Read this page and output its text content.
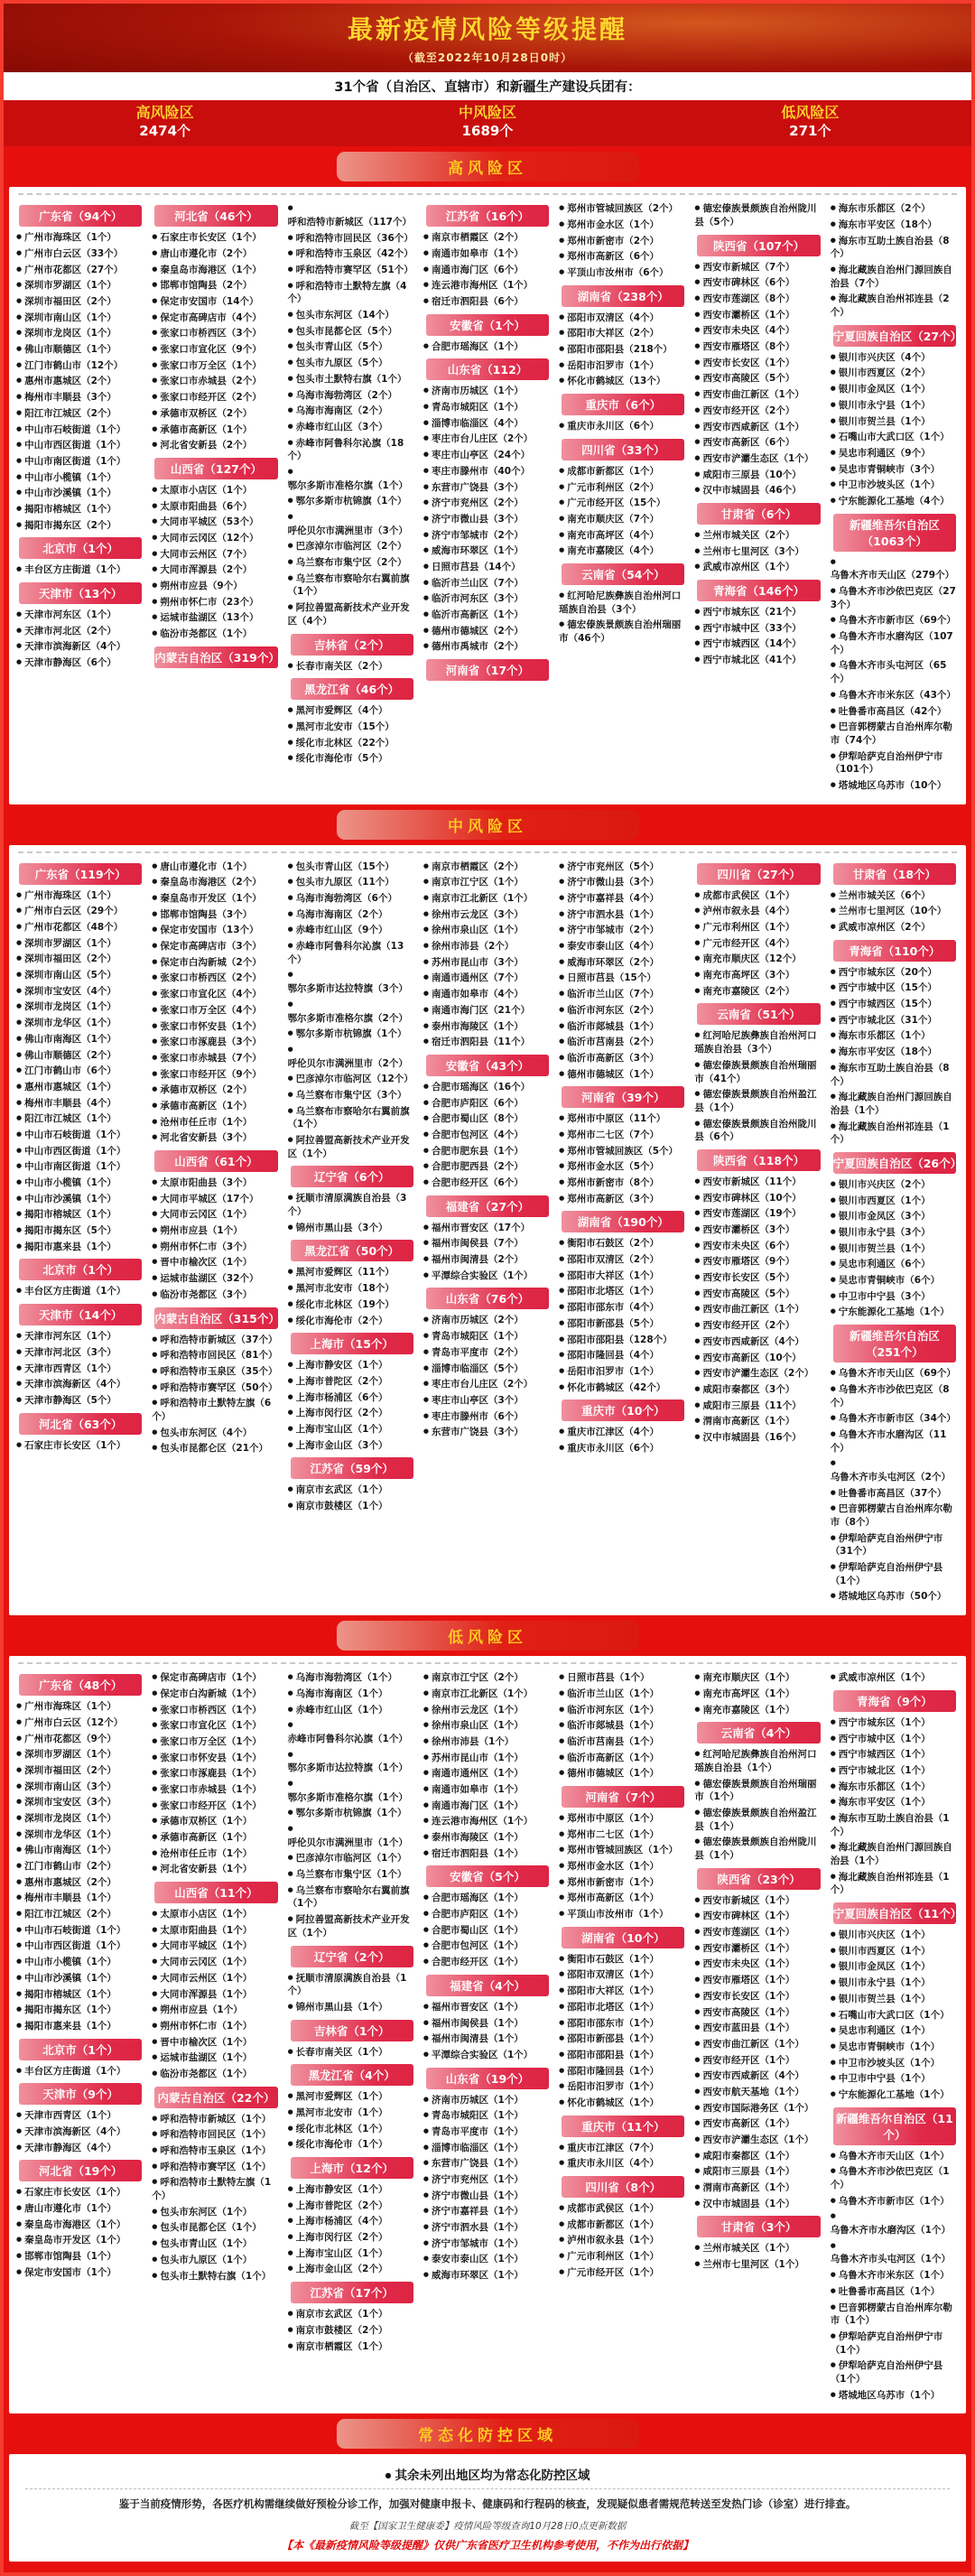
最新疫情风险等级提醒
（截至2022年10月28日0时）
31个省（自治区、直辖市）和新疆生产建设兵团有：
高风险区
2474个
中风险区
1689个
低风险区
271个
高风险区
广东省（94个）
● 广州市海珠区（1个）
● 广州市白云区（33个）
● 广州市花都区（27个）
● 深圳市罗湖区（1个）
● 深圳市福田区（2个）
● 深圳市南山区（1个）
● 深圳市龙岗区（1个）
● 佛山市顺德区（1个）
● 江门市鹤山市（12个）
● 惠州市惠城区（2个）
● 梅州市丰顺县（3个）
● 阳江市江城区（2个）
● 中山市石岐街道（1个）
● 中山市西区街道（1个）
● 中山市南区街道（1个）
● 中山市小榄镇（1个）
● 中山市沙溪镇（1个）
● 揭阳市榕城区（1个）
● 揭阳市揭东区（2个）
北京市（1个）
● 丰台区方庄街道（1个）
天津市（13个）
● 天津市河东区（1个）
● 天津市河北区（2个）
● 天津市滨海新区（4个）
● 天津市静海区（6个）
河北省（46个）
● 石家庄市长安区（1个）
● 唐山市遵化市（2个）
● 秦皇岛市海港区（1个）
● 邯郸市馆陶县（2个）
● 保定市安国市（14个）
● 保定市高碑店市（4个）
● 张家口市桥西区（3个）
● 张家口市宣化区（9个）
● 张家口市万全区（1个）
● 张家口市赤城县（2个）
● 张家口市经开区（2个）
● 承德市双桥区（2个）
● 承德市高新区（1个）
● 河北省安新县（2个）
山西省（127个）
● 太原市小店区（1个）
● 太原市阳曲县（6个）
● 大同市平城区（53个）
● 大同市云冈区（12个）
● 大同市云州区（7个）
● 大同市浑源县（2个）
● 朔州市应县（9个）
● 朔州市怀仁市（23个）
● 运城市盐湖区（13个）
● 临汾市尧都区（1个）
内蒙古自治区（319个）
●呼和浩特市新城区（117个）
● 呼和浩特市回民区（36个）
● 呼和浩特市玉泉区（42个）
● 呼和浩特市赛罕区（51个）
● 呼和浩特市土默特左旗（4个）
● 包头市东河区（14个）
● 包头市昆都仑区（5个）
● 包头市青山区（5个）
● 包头市九原区（5个）
● 包头市土默特右旗（1个）
● 乌海市海勃湾区（2个）
● 乌海市海南区（2个）
● 赤峰市红山区（3个）
● 赤峰市阿鲁科尔沁旗（18个）
●鄂尔多斯市准格尔旗（1个）
● 鄂尔多斯市杭锦旗（1个）
●呼伦贝尔市满洲里市（3个）
● 巴彦淖尔市临河区（2个）
● 乌兰察布市集宁区（2个）
● 乌兰察布市察哈尔右翼前旗（1个）
● 阿拉善盟高新技术产业开发区（4个）
吉林省（2个）
● 长春市南关区（2个）
黑龙江省（46个）
● 黑河市爱辉区（4个）
● 黑河市北安市（15个）
● 绥化市北林区（22个）
● 绥化市海伦市（5个）
江苏省（16个）
● 南京市栖霞区（2个）
● 南通市如皋市（1个）
● 南通市海门区（6个）
● 连云港市海州区（1个）
● 宿迁市泗阳县（6个）
安徽省（1个）
● 合肥市瑶海区（1个）
山东省（112）
● 济南市历城区（1个）
● 青岛市城阳区（1个）
● 淄博市临淄区（4个）
● 枣庄市台儿庄区（2个）
● 枣庄市山亭区（24个）
● 枣庄市滕州市（40个）
● 东营市广饶县（3个）
● 济宁市兖州区（2个）
● 济宁市微山县（3个）
● 济宁市邹城市（2个）
● 威海市环翠区（1个）
● 日照市莒县（14个）
● 临沂市兰山区（7个）
● 临沂市河东区（3个）
● 临沂市高新区（1个）
● 德州市德城区（2个）
● 德州市禹城市（2个）
河南省（17个）
● 郑州市管城回族区（2个）
● 郑州市金水区（1个）
● 郑州市新密市（2个）
● 郑州市高新区（6个）
● 平顶山市汝州市（6个）
湖南省（238个）
● 邵阳市双清区（4个）
● 邵阳市大祥区（2个）
● 邵阳市邵阳县（218个）
● 岳阳市汨罗市（1个）
● 怀化市鹤城区（13个）
重庆市（6个）
● 重庆市永川区（6个）
四川省（33个）
● 成都市新都区（1个）
● 广元市利州区（2个）
● 广元市经开区（15个）
● 南充市顺庆区（7个）
● 南充市高坪区（4个）
● 南充市嘉陵区（4个）
云南省（54个）
● 红河哈尼族彝族自治州河口瑶族自治县（3个）
● 德宏傣族景颇族自治州瑞丽市（46个）
● 德宏傣族景颇族自治州陇川县（5个）
陕西省（107个）
● 西安市新城区（7个）
● 西安市碑林区（6个）
● 西安市莲湖区（8个）
● 西安市灞桥区（1个）
● 西安市未央区（4个）
● 西安市雁塔区（8个）
● 西安市长安区（1个）
● 西安市高陵区（5个）
● 西安市曲江新区（1个）
● 西安市经开区（2个）
● 西安市西咸新区（1个）
● 西安市高新区（6个）
● 西安市浐灞生态区（1个）
● 咸阳市三原县（10个）
● 汉中市城固县（46个）
甘肃省（6个）
● 兰州市城关区（2个）
● 兰州市七里河区（3个）
● 武威市凉州区（1个）
青海省（146个）
● 西宁市城东区（21个）
● 西宁市城中区（33个）
● 西宁市城西区（14个）
● 西宁市城北区（41个）
● 海东市乐都区（2个）
● 海东市平安区（18个）
● 海东市互助土族自治县（8个）
● 海北藏族自治州门源回族自治县（7个）
● 海北藏族自治州祁连县（2个）
宁夏回族自治区（27个）
● 银川市兴庆区（4个）
● 银川市西夏区（2个）
● 银川市金凤区（1个）
● 银川市永宁县（1个）
● 银川市贺兰县（1个）
● 石嘴山市大武口区（1个）
● 吴忠市利通区（9个）
● 吴忠市青铜峡市（3个）
● 中卫市沙坡头区（1个）
● 宁东能源化工基地（4个）
新疆维吾尔自治区（1063个）
●乌鲁木齐市天山区（279个）
● 乌鲁木齐市沙依巴克区（273个）
● 乌鲁木齐市新市区（69个）
● 乌鲁木齐市水磨沟区（107个）
● 乌鲁木齐市头屯河区（65个）
● 乌鲁木齐市米东区（43个）
● 吐鲁番市高昌区（42个）
● 巴音郭楞蒙古自治州库尔勒市（74个）
● 伊犁哈萨克自治州伊宁市（101个）
● 塔城地区乌苏市（10个）
中风险区
广东省（119个）
● 广州市海珠区（1个）
● 广州市白云区（29个）
● 广州市花都区（48个）
● 深圳市罗湖区（1个）
● 深圳市福田区（2个）
● 深圳市南山区（5个）
● 深圳市宝安区（4个）
● 深圳市龙岗区（1个）
● 深圳市龙华区（1个）
● 佛山市南海区（1个）
● 佛山市顺德区（2个）
● 江门市鹤山市（6个）
● 惠州市惠城区（1个）
● 梅州市丰顺县（4个）
● 阳江市江城区（1个）
● 中山市石岐街道（1个）
● 中山市西区街道（1个）
● 中山市南区街道（1个）
● 中山市小榄镇（1个）
● 中山市沙溪镇（1个）
● 揭阳市榕城区（1个）
● 揭阳市揭东区（5个）
● 揭阳市惠来县（1个）
北京市（1个）
● 丰台区方庄街道（1个）
天津市（14个）
● 天津市河东区（1个）
● 天津市河北区（3个）
● 天津市西青区（1个）
● 天津市滨海新区（4个）
● 天津市静海区（5个）
河北省（63个）
● 石家庄市长安区（1个）
● 唐山市遵化市（1个）
● 秦皇岛市海港区（2个）
● 秦皇岛市开发区（1个）
● 邯郸市馆陶县（3个）
● 保定市安国市（13个）
● 保定市高碑店市（3个）
● 保定市白沟新城（2个）
● 张家口市桥西区（2个）
● 张家口市宣化区（4个）
● 张家口市万全区（4个）
● 张家口市怀安县（1个）
● 张家口市涿鹿县（3个）
● 张家口市赤城县（7个）
● 张家口市经开区（9个）
● 承德市双桥区（2个）
● 承德市高新区（1个）
● 沧州市任丘市（1个）
● 河北省安新县（3个）
山西省（61个）
● 太原市阳曲县（3个）
● 大同市平城区（17个）
● 大同市云冈区（1个）
● 朔州市应县（1个）
● 朔州市怀仁市（3个）
● 晋中市榆次区（1个）
● 运城市盐湖区（32个）
● 临汾市尧都区（3个）
内蒙古自治区（315个）
● 呼和浩特市新城区（37个）
● 呼和浩特市回民区（81个）
● 呼和浩特市玉泉区（35个）
● 呼和浩特市赛罕区（50个）
● 呼和浩特市土默特左旗（6个）
● 包头市东河区（4个）
● 包头市昆都仑区（21个）
● 包头市青山区（15个）
● 包头市九原区（11个）
● 乌海市海勃湾区（6个）
● 乌海市海南区（2个）
● 赤峰市红山区（9个）
● 赤峰市阿鲁科尔沁旗（13个）
●鄂尔多斯市达拉特旗（3个）
●鄂尔多斯市准格尔旗（2个）
● 鄂尔多斯市杭锦旗（1个）
●呼伦贝尔市满洲里市（2个）
● 巴彦淖尔市临河区（12个）
● 乌兰察布市集宁区（3个）
● 乌兰察布市察哈尔右翼前旗（1个）
● 阿拉善盟高新技术产业开发区（1个）
辽宁省（6个）
● 抚顺市清原满族自治县（3个）
● 锦州市黑山县（3个）
黑龙江省（50个）
● 黑河市爱辉区（11个）
● 黑河市北安市（18个）
● 绥化市北林区（19个）
● 绥化市海伦市（2个）
上海市（15个）
● 上海市静安区（1个）
● 上海市普陀区（2个）
● 上海市杨浦区（6个）
● 上海市闵行区（2个）
● 上海市宝山区（1个）
● 上海市金山区（3个）
江苏省（59个）
● 南京市玄武区（1个）
● 南京市鼓楼区（1个）
● 南京市栖霞区（2个）
● 南京市江宁区（1个）
● 南京市江北新区（1个）
● 徐州市云龙区（3个）
● 徐州市泉山区（1个）
● 徐州市沛县（2个）
● 苏州市昆山市（3个）
● 南通市通州区（7个）
● 南通市如皋市（4个）
● 南通市海门区（21个）
● 泰州市海陵区（1个）
● 宿迁市泗阳县（11个）
安徽省（43个）
● 合肥市瑶海区（16个）
● 合肥市庐阳区（6个）
● 合肥市蜀山区（8个）
● 合肥市包河区（4个）
● 合肥市肥东县（1个）
● 合肥市肥西县（2个）
● 合肥市经开区（6个）
福建省（27个）
● 福州市晋安区（17个）
● 福州市闽侯县（7个）
● 福州市闽清县（2个）
● 平潭综合实验区（1个）
山东省（76个）
● 济南市历城区（2个）
● 青岛市城阳区（1个）
● 青岛市平度市（2个）
● 淄博市临淄区（5个）
● 枣庄市台儿庄区（2个）
● 枣庄市山亭区（3个）
● 枣庄市滕州市（6个）
● 东营市广饶县（3个）
● 济宁市兖州区（5个）
● 济宁市微山县（3个）
● 济宁市嘉祥县（4个）
● 济宁市泗水县（1个）
● 济宁市邹城市（2个）
● 泰安市泰山区（4个）
● 威海市环翠区（2个）
● 日照市莒县（15个）
● 临沂市兰山区（7个）
● 临沂市河东区（2个）
● 临沂市郯城县（1个）
● 临沂市莒南县（2个）
● 临沂市高新区（3个）
● 德州市德城区（1个）
河南省（39个）
● 郑州市中原区（11个）
● 郑州市二七区（7个）
● 郑州市管城回族区（5个）
● 郑州市金水区（5个）
● 郑州市新密市（8个）
● 郑州市高新区（3个）
湖南省（190个）
● 衡阳市石鼓区（2个）
● 邵阳市双清区（2个）
● 邵阳市大祥区（1个）
● 邵阳市北塔区（1个）
● 邵阳市邵东市（4个）
● 邵阳市新邵县（5个）
● 邵阳市邵阳县（128个）
● 邵阳市隆回县（4个）
● 岳阳市汨罗市（1个）
● 怀化市鹤城区（42个）
重庆市（10个）
● 重庆市江津区（4个）
● 重庆市永川区（6个）
四川省（27个）
● 成都市武侯区（1个）
● 泸州市叙永县（4个）
● 广元市利州区（1个）
● 广元市经开区（4个）
● 南充市顺庆区（12个）
● 南充市高坪区（3个）
● 南充市嘉陵区（2个）
云南省（51个）
● 红河哈尼族彝族自治州河口瑶族自治县（3个）
● 德宏傣族景颇族自治州瑞丽市（41个）
● 德宏傣族景颇族自治州盈江县（1个）
● 德宏傣族景颇族自治州陇川县（6个）
陕西省（118个）
● 西安市新城区（11个）
● 西安市碑林区（10个）
● 西安市莲湖区（19个）
● 西安市灞桥区（3个）
● 西安市未央区（6个）
● 西安市雁塔区（9个）
● 西安市长安区（5个）
● 西安市高陵区（5个）
● 西安市曲江新区（1个）
● 西安市经开区（2个）
● 西安市西咸新区（4个）
● 西安市高新区（10个）
● 西安市浐灞生态区（2个）
● 咸阳市秦都区（3个）
● 咸阳市三原县（11个）
● 渭南市高新区（1个）
● 汉中市城固县（16个）
甘肃省（18个）
● 兰州市城关区（6个）
● 兰州市七里河区（10个）
● 武威市凉州区（2个）
青海省（110个）
● 西宁市城东区（20个）
● 西宁市城中区（15个）
● 西宁市城西区（15个）
● 西宁市城北区（31个）
● 海东市乐都区（1个）
● 海东市平安区（18个）
● 海东市互助土族自治县（8个）
● 海北藏族自治州门源回族自治县（1个）
● 海北藏族自治州祁连县（1个）
宁夏回族自治区（26个）
● 银川市兴庆区（2个）
● 银川市西夏区（1个）
● 银川市金凤区（3个）
● 银川市永宁县（3个）
● 银川市贺兰县（1个）
● 吴忠市利通区（6个）
● 吴忠市青铜峡市（6个）
● 中卫市中宁县（3个）
● 宁东能源化工基地（1个）
新疆维吾尔自治区（251个）
● 乌鲁木齐市天山区（69个）
● 乌鲁木齐市沙依巴克区（8个）
● 乌鲁木齐市新市区（34个）
● 乌鲁木齐市水磨沟区（11个）
●乌鲁木齐市头屯河区（2个）
● 吐鲁番市高昌区（37个）
● 巴音郭楞蒙古自治州库尔勒市（8个）
● 伊犁哈萨克自治州伊宁市（31个）
● 伊犁哈萨克自治州伊宁县（1个）
● 塔城地区乌苏市（50个）
低风险区
广东省（48个）
● 广州市海珠区（1个）
● 广州市白云区（12个）
● 广州市花都区（9个）
● 深圳市罗湖区（1个）
● 深圳市福田区（2个）
● 深圳市南山区（3个）
● 深圳市宝安区（3个）
● 深圳市龙岗区（1个）
● 深圳市龙华区（1个）
● 佛山市南海区（1个）
● 江门市鹤山市（2个）
● 惠州市惠城区（2个）
● 梅州市丰顺县（1个）
● 阳江市江城区（2个）
● 中山市石岐街道（1个）
● 中山市西区街道（1个）
● 中山市小榄镇（1个）
● 中山市沙溪镇（1个）
● 揭阳市榕城区（1个）
● 揭阳市揭东区（1个）
● 揭阳市惠来县（1个）
北京市（1个）
● 丰台区方庄街道（1个）
天津市（9个）
● 天津市西青区（1个）
● 天津市滨海新区（4个）
● 天津市静海区（4个）
河北省（19个）
● 石家庄市长安区（1个）
● 唐山市遵化市（1个）
● 秦皇岛市海港区（1个）
● 秦皇岛市开发区（1个）
● 邯郸市馆陶县（1个）
● 保定市安国市（1个）
● 保定市高碑店市（1个）
● 保定市白沟新城（1个）
● 张家口市桥西区（1个）
● 张家口市宣化区（1个）
● 张家口市万全区（1个）
● 张家口市怀安县（1个）
● 张家口市涿鹿县（1个）
● 张家口市赤城县（1个）
● 张家口市经开区（1个）
● 承德市双桥区（1个）
● 承德市高新区（1个）
● 沧州市任丘市（1个）
● 河北省安新县（1个）
山西省（11个）
● 太原市小店区（1个）
● 太原市阳曲县（1个）
● 大同市平城区（1个）
● 大同市云冈区（1个）
● 大同市云州区（1个）
● 大同市浑源县（1个）
● 朔州市应县（1个）
● 朔州市怀仁市（1个）
● 晋中市榆次区（1个）
● 运城市盐湖区（1个）
● 临汾市尧都区（1个）
内蒙古自治区（22个）
● 呼和浩特市新城区（1个）
● 呼和浩特市回民区（1个）
● 呼和浩特市玉泉区（1个）
● 呼和浩特市赛罕区（1个）
● 呼和浩特市土默特左旗（1个）
● 包头市东河区（1个）
● 包头市昆都仑区（1个）
● 包头市青山区（1个）
● 包头市九原区（1个）
● 包头市土默特右旗（1个）
● 乌海市海勃湾区（1个）
● 乌海市海南区（1个）
● 赤峰市红山区（1个）
●赤峰市阿鲁科尔沁旗（1个）
●鄂尔多斯市达拉特旗（1个）
●鄂尔多斯市准格尔旗（1个）
● 鄂尔多斯市杭锦旗（1个）
●呼伦贝尔市满洲里市（1个）
● 巴彦淖尔市临河区（1个）
● 乌兰察布市集宁区（1个）
● 乌兰察布市察哈尔右翼前旗（1个）
● 阿拉善盟高新技术产业开发区（1个）
辽宁省（2个）
● 抚顺市清原满族自治县（1个）
● 锦州市黑山县（1个）
吉林省（1个）
● 长春市南关区（1个）
黑龙江省（4个）
● 黑河市爱辉区（1个）
● 黑河市北安市（1个）
● 绥化市北林区（1个）
● 绥化市海伦市（1个）
上海市（12个）
● 上海市静安区（1个）
● 上海市普陀区（2个）
● 上海市杨浦区（4个）
● 上海市闵行区（2个）
● 上海市宝山区（1个）
● 上海市金山区（2个）
江苏省（17个）
● 南京市玄武区（1个）
● 南京市鼓楼区（2个）
● 南京市栖霞区（1个）
● 南京市江宁区（2个）
● 南京市江北新区（1个）
● 徐州市云龙区（1个）
● 徐州市泉山区（1个）
● 徐州市沛县（1个）
● 苏州市昆山市（1个）
● 南通市通州区（1个）
● 南通市如皋市（1个）
● 南通市海门区（1个）
● 连云港市海州区（1个）
● 泰州市海陵区（1个）
● 宿迁市泗阳县（1个）
安徽省（5个）
● 合肥市瑶海区（1个）
● 合肥市庐阳区（1个）
● 合肥市蜀山区（1个）
● 合肥市包河区（1个）
● 合肥市经开区（1个）
福建省（4个）
● 福州市晋安区（1个）
● 福州市闽侯县（1个）
● 福州市闽清县（1个）
● 平潭综合实验区（1个）
山东省（19个）
● 济南市历城区（1个）
● 青岛市城阳区（1个）
● 青岛市平度市（1个）
● 淄博市临淄区（1个）
● 东营市广饶县（1个）
● 济宁市兖州区（1个）
● 济宁市微山县（1个）
● 济宁市嘉祥县（1个）
● 济宁市泗水县（1个）
● 济宁市邹城市（1个）
● 泰安市泰山区（1个）
● 威海市环翠区（1个）
● 日照市莒县（1个）
● 临沂市兰山区（1个）
● 临沂市河东区（1个）
● 临沂市郯城县（1个）
● 临沂市莒南县（1个）
● 临沂市高新区（1个）
● 德州市德城区（1个）
河南省（7个）
● 郑州市中原区（1个）
● 郑州市二七区（1个）
● 郑州市管城回族区（1个）
● 郑州市金水区（1个）
● 郑州市新密市（1个）
● 郑州市高新区（1个）
● 平顶山市汝州市（1个）
湖南省（10个）
● 衡阳市石鼓区（1个）
● 邵阳市双清区（1个）
● 邵阳市大祥区（1个）
● 邵阳市北塔区（1个）
● 邵阳市邵东市（1个）
● 邵阳市新邵县（1个）
● 邵阳市邵阳县（1个）
● 邵阳市隆回县（1个）
● 岳阳市汨罗市（1个）
● 怀化市鹤城区（1个）
重庆市（11个）
● 重庆市江津区（7个）
● 重庆市永川区（4个）
四川省（8个）
● 成都市武侯区（1个）
● 成都市新都区（1个）
● 泸州市叙永县（1个）
● 广元市利州区（1个）
● 广元市经开区（1个）
● 南充市顺庆区（1个）
● 南充市高坪区（1个）
● 南充市嘉陵区（1个）
云南省（4个）
● 红河哈尼族彝族自治州河口瑶族自治县（1个）
● 德宏傣族景颇族自治州瑞丽市（1个）
● 德宏傣族景颇族自治州盈江县（1个）
● 德宏傣族景颇族自治州陇川县（1个）
陕西省（23个）
● 西安市新城区（1个）
● 西安市碑林区（1个）
● 西安市莲湖区（1个）
● 西安市灞桥区（1个）
● 西安市未央区（1个）
● 西安市雁塔区（1个）
● 西安市长安区（1个）
● 西安市高陵区（1个）
● 西安市蓝田县（1个）
● 西安市曲江新区（1个）
● 西安市经开区（1个）
● 西安市西咸新区（4个）
● 西安市航天基地（1个）
● 西安市国际港务区（1个）
● 西安市高新区（1个）
● 西安市浐灞生态区（1个）
● 咸阳市秦都区（1个）
● 咸阳市三原县（1个）
● 渭南市高新区（1个）
● 汉中市城固县（1个）
甘肃省（3个）
● 兰州市城关区（1个）
● 兰州市七里河区（1个）
● 武威市凉州区（1个）
青海省（9个）
● 西宁市城东区（1个）
● 西宁市城中区（1个）
● 西宁市城西区（1个）
● 西宁市城北区（1个）
● 海东市乐都区（1个）
● 海东市平安区（1个）
● 海东市互助土族自治县（1个）
● 海北藏族自治州门源回族自治县（1个）
● 海北藏族自治州祁连县（1个）
宁夏回族自治区（11个）
● 银川市兴庆区（1个）
● 银川市西夏区（1个）
● 银川市金凤区（1个）
● 银川市永宁县（1个）
● 银川市贺兰县（1个）
● 石嘴山市大武口区（1个）
● 吴忠市利通区（1个）
● 吴忠市青铜峡市（1个）
● 中卫市沙坡头区（1个）
● 中卫市中宁县（1个）
● 宁东能源化工基地（1个）
新疆维吾尔自治区（11个）
● 乌鲁木齐市天山区（1个）
● 乌鲁木齐市沙依巴克区（1个）
● 乌鲁木齐市新市区（1个）
●乌鲁木齐市水磨沟区（1个）
●乌鲁木齐市头屯河区（1个）
● 乌鲁木齐市米东区（1个）
● 吐鲁番市高昌区（1个）
● 巴音郭楞蒙古自治州库尔勒市（1个）
● 伊犁哈萨克自治州伊宁市（1个）
● 伊犁哈萨克自治州伊宁县（1个）
● 塔城地区乌苏市（1个）
常态化防控区域
● 其余未列出地区均为常态化防控区域
鉴于当前疫情形势，各医疗机构需继续做好预检分诊工作，加强对健康申报卡、健康码和行程码的核查，发现疑似患者需规范转送至发热门诊（诊室）进行排查。
截至【国家卫生健康委】疫情风险等级查询10月28日0点更新数据
【本《最新疫情风险等级提醒》仅供广东省医疗卫生机构参考使用，不作为出行依据】
